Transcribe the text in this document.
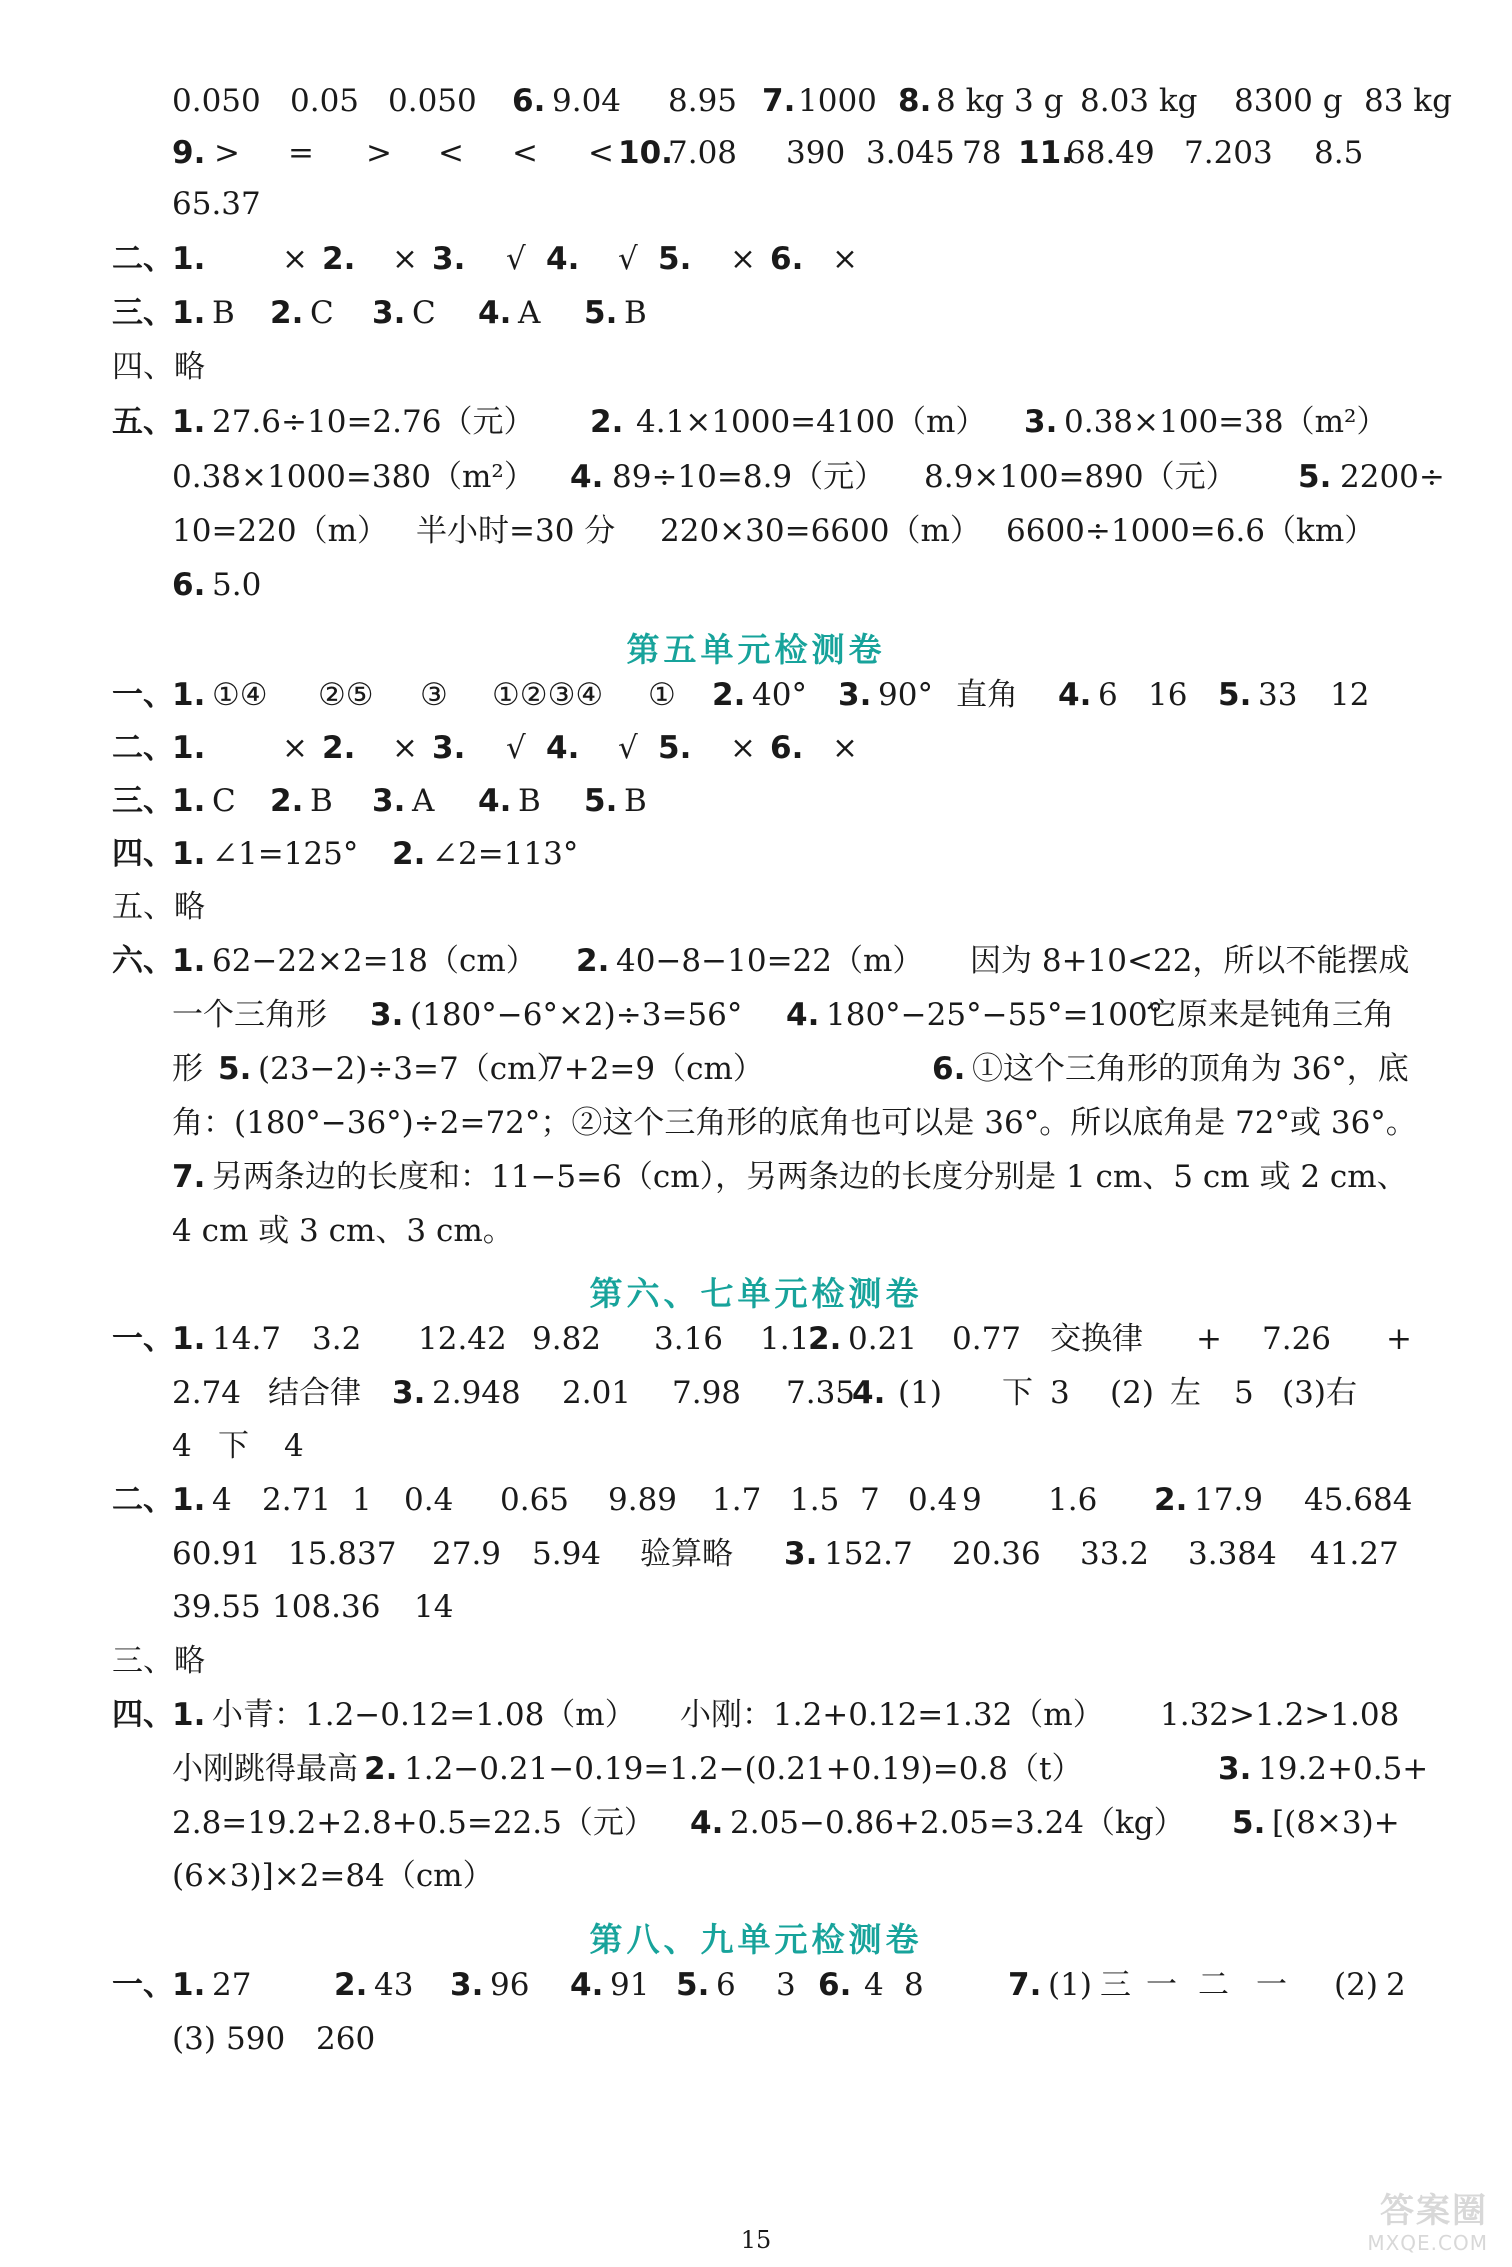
0.050 0.05 0.050 6. 9.04 8.95 7. 1000 8. 8 kg 3 g 8.03 kg 8300 g 83 kg
9. > = > < < < 10.
7.08 390 3.045 78 11.
68.49 7.203 8.5
65.37
二、
1. × 2. × 3. √ 4. √ 5. × 6. ×
三、
1. B 2. C 3. C 4. A 5. B
四、略
五、
1. 27.6÷10=2.76（元） 2. 4.1×1000=4100（m） 3. 0.38×100=38（m²）
0.38×1000=380（m²） 4. 89÷10=8.9（元） 8.9×100=890（元） 5. 2200÷
10=220（m） 半小时=30 分 220×30=6600（m） 6600÷1000=6.6（km）
6. 5.0
一、
1. ①④ ②⑤ ③ ①②③④ ① 2. 40° 3. 90° 直角 4. 6 16 5. 33 12
二、
1. × 2. × 3. √ 4. √ 5. × 6. ×
三、
1. C 2. B 3. A 4. B 5. B
四、
1. ∠1=125° 2. ∠2=113°
五、略
六、
1. 62−22×2=18（cm） 2. 40−8−10=22（m） 因为 8+10<22，所以不能摆成
一个三角形 3. (180°−6°×2)÷3=56° 4. 180°−25°−55°=100°
它原来是钝角三角
形 5. (23−2)÷3=7（cm）
7+2=9（cm）	6. ①这个三角形的顶角为 36°，底
角：(180°−36°)÷2=72°；②这个三角形的底角也可以是 36°。所以底角是 72°或 36°。
7. 另两条边的长度和：11−5=6（cm），另两条边的长度分别是 1 cm、5 cm 或 2 cm、
4 cm 或 3 cm、3 cm。
一、
1. 14.7 3.2 12.42 9.82 3.16 1.1
2. 0.21 0.77 交换律 + 7.26 +
2.74 结合律 3. 2.948 2.01 7.98 7.35
4. (1) 下 3 (2) 左 5 (3) 右
4 下 4
二、
1. 4 2.71 1 0.4 0.65 9.89 1.7 1.5 7 0.4 9 1.6 2. 17.9 45.684
60.91 15.837 27.9 5.94 验算略 3. 152.7 20.36 33.2 3.384 41.27
39.55 108.36 14
三、略
四、
1. 小青：1.2−0.12=1.08（m） 小刚：1.2+0.12=1.32（m） 1.32>1.2>1.08
小刚跳得最高 2. 1.2−0.21−0.19=1.2−(0.21+0.19)=0.8（t）	3. 19.2+0.5+
2.8=19.2+2.8+0.5=22.5（元） 4. 2.05−0.86+2.05=3.24（kg） 5. [(8×3)+
(6×3)]×2=84（cm）
一、
1. 27	2. 43 3. 96 4. 91 5. 6 3 6. 4 8	7. (1) 三 一 二 一 (2) 2
(3) 590 260
第五单元检测卷
第六、七单元检测卷
第八、九单元检测卷
15
答案圈
MXQE.COM
